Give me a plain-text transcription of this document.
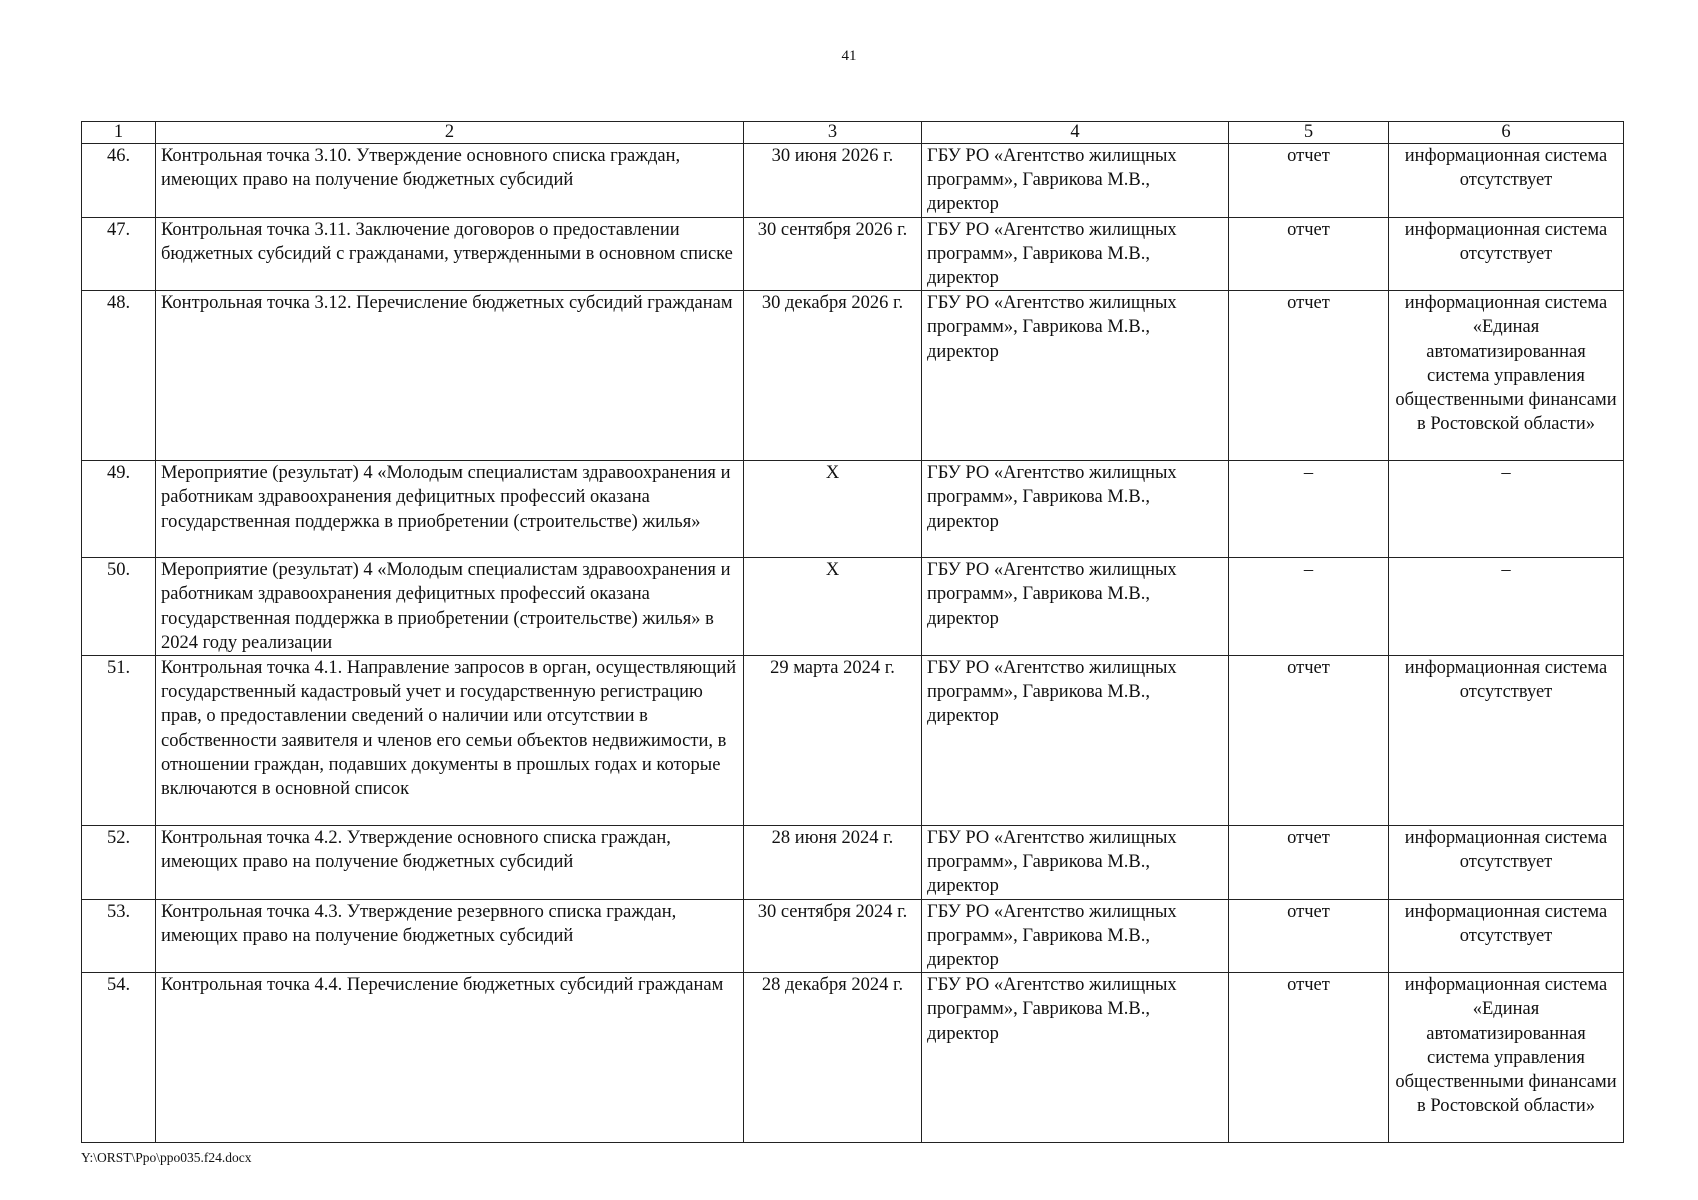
41
1	2	3	4	5	6
46.	Контрольная точка 3.10. Утверждение основного списка граждан, имеющих право на получение бюджетных субсидий	30 июня 2026 г.	ГБУ РО «Агентство жилищных программ», Гаврикова М.В., директор	отчет	информационная система отсутствует
47.	Контрольная точка 3.11. Заключение договоров о предоставлении бюджетных субсидий с гражданами, утвержденными в основном списке	30 сентября 2026 г.	ГБУ РО «Агентство жилищных программ», Гаврикова М.В., директор	отчет	информационная система отсутствует
48.	Контрольная точка 3.12. Перечисление бюджетных субсидий гражданам	30 декабря 2026 г.	ГБУ РО «Агентство жилищных программ», Гаврикова М.В., директор	отчет	информационная система «Единая автоматизированная система управления общественными финансами в Ростовской области»
49.	Мероприятие (результат) 4 «Молодым специалистам здравоохранения и работникам здравоохранения дефицитных профессий оказана государственная поддержка в приобретении (строительстве) жилья»	X	ГБУ РО «Агентство жилищных программ», Гаврикова М.В., директор	–	–
50.	Мероприятие (результат) 4 «Молодым специалистам здравоохранения и работникам здравоохранения дефицитных профессий оказана государственная поддержка в приобретении (строительстве) жилья» в 2024 году реализации	X	ГБУ РО «Агентство жилищных программ», Гаврикова М.В., директор	–	–
51.	Контрольная точка 4.1. Направление запросов в орган, осуществляющий государственный кадастровый учет и государственную регистрацию прав, о предоставлении сведений о наличии или отсутствии в собственности заявителя и членов его семьи объектов недвижимости, в отношении граждан, подавших документы в прошлых годах и которые включаются в основной список	29 марта 2024 г.	ГБУ РО «Агентство жилищных программ», Гаврикова М.В., директор	отчет	информационная система отсутствует
52.	Контрольная точка 4.2. Утверждение основного списка граждан, имеющих право на получение бюджетных субсидий	28 июня 2024 г.	ГБУ РО «Агентство жилищных программ», Гаврикова М.В., директор	отчет	информационная система отсутствует
53.	Контрольная точка 4.3. Утверждение резервного списка граждан, имеющих право на получение бюджетных субсидий	30 сентября 2024 г.	ГБУ РО «Агентство жилищных программ», Гаврикова М.В., директор	отчет	информационная система отсутствует
54.	Контрольная точка 4.4. Перечисление бюджетных субсидий гражданам	28 декабря 2024 г.	ГБУ РО «Агентство жилищных программ», Гаврикова М.В., директор	отчет	информационная система «Единая автоматизированная система управления общественными финансами в Ростовской области»
Y:\ORST\Ppo\ppo035.f24.docx
